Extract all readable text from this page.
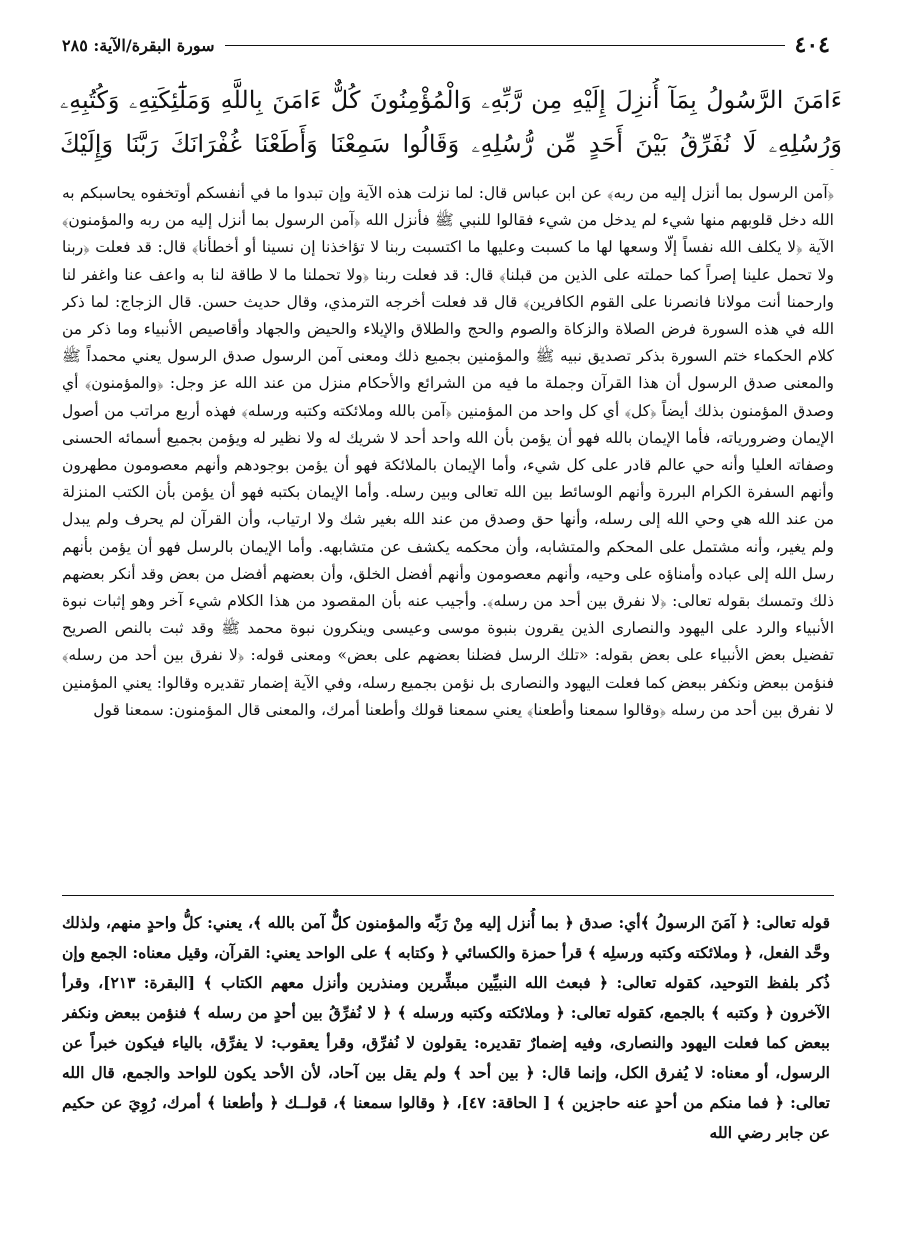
٤٠٤
سورة البقرة/الآية: ٢٨٥
ءَامَنَ الرَّسُولُ بِمَآ أُنزِلَ إِلَيْهِ مِن رَّبِّهِۦ وَالْمُؤْمِنُونَ كُلٌّ ءَامَنَ بِاللَّهِ وَمَلَٰٓئِكَتِهِۦ وَكُتُبِهِۦ وَرُسُلِهِۦ لَا نُفَرِّقُ بَيْنَ أَحَدٍ مِّن رُّسُلِهِۦ وَقَالُوا سَمِعْنَا وَأَطَعْنَا غُفْرَانَكَ رَبَّنَا وَإِلَيْكَ
﴿آمن الرسول بما أنزل إليه من ربه﴾ عن ابن عباس قال: لما نزلت هذه الآية وإن تبدوا ما في أنفسكم أوتخفوه يحاسبكم به الله دخل قلوبهم منها شيء لم يدخل من شيء فقالوا للنبي ﷺ فأنزل الله ﴿آمن الرسول بما أنزل إليه من ربه والمؤمنون﴾ الآية ﴿لا يكلف الله نفساً إلّا وسعها لها ما كسبت وعليها ما اكتسبت ربنا لا تؤاخذنا إن نسينا أو أخطأنا﴾ قال: قد فعلت ﴿ربنا ولا تحمل علينا إصراً كما حملته على الذين من قبلنا﴾ قال: قد فعلت ربنا ﴿ولا تحملنا ما لا طاقة لنا به واعف عنا واغفر لنا وارحمنا أنت مولانا فانصرنا على القوم الكافرين﴾ قال قد فعلت أخرجه الترمذي، وقال حديث حسن. قال الزجاج: لما ذكر الله في هذه السورة فرض الصلاة والزكاة والصوم والحج والطلاق والإيلاء والحيض والجهاد وأقاصيص الأنبياء وما ذكر من كلام الحكماء ختم السورة بذكر تصديق نبيه ﷺ والمؤمنين بجميع ذلك ومعنى آمن الرسول صدق الرسول يعني محمداً ﷺ والمعنى صدق الرسول أن هذا القرآن وجملة ما فيه من الشرائع والأحكام منزل من عند الله عز وجل: ﴿والمؤمنون﴾ أي وصدق المؤمنون بذلك أيضاً ﴿كل﴾ أي كل واحد من المؤمنين ﴿آمن بالله وملائكته وكتبه ورسله﴾ فهذه أربع مراتب من أصول الإيمان وضرورياته، فأما الإيمان بالله فهو أن يؤمن بأن الله واحد أحد لا شريك له ولا نظير له ويؤمن بجميع أسمائه الحسنى وصفاته العليا وأنه حي عالم قادر على كل شيء، وأما الإيمان بالملائكة فهو أن يؤمن بوجودهم وأنهم معصومون مطهرون وأنهم السفرة الكرام البررة وأنهم الوسائط بين الله تعالى وبين رسله. وأما الإيمان بكتبه فهو أن يؤمن بأن الكتب المنزلة من عند الله هي وحي الله إلى رسله، وأنها حق وصدق من عند الله بغير شك ولا ارتياب، وأن القرآن لم يحرف ولم يبدل ولم يغير، وأنه مشتمل على المحكم والمتشابه، وأن محكمه يكشف عن متشابهه. وأما الإيمان بالرسل فهو أن يؤمن بأنهم رسل الله إلى عباده وأمناؤه على وحيه، وأنهم معصومون وأنهم أفضل الخلق، وأن بعضهم أفضل من بعض وقد أنكر بعضهم ذلك وتمسك بقوله تعالى: ﴿لا نفرق بين أحد من رسله﴾. وأجيب عنه بأن المقصود من هذا الكلام شيء آخر وهو إثبات نبوة الأنبياء والرد على اليهود والنصارى الذين يقرون بنبوة موسى وعيسى وينكرون نبوة محمد ﷺ وقد ثبت بالنص الصريح تفضيل بعض الأنبياء على بعض بقوله: «تلك الرسل فضلنا بعضهم على بعض» ومعنى قوله: ﴿لا نفرق بين أحد من رسله﴾ فنؤمن ببعض ونكفر ببعض كما فعلت اليهود والنصارى بل نؤمن بجميع رسله، وفي الآية إضمار تقديره وقالوا: يعني المؤمنين لا نفرق بين أحد من رسله ﴿وقالوا سمعنا وأطعنا﴾ يعني سمعنا قولك وأطعنا أمرك، والمعنى قال المؤمنون: سمعنا قول
قوله تعالى: ﴿ آمَنَ الرسولُ ﴾أي: صدق ﴿ بما أُنزل إليه مِنْ رَبِّه والمؤمنون كلٌّ آمن بالله ﴾، يعني: كلُّ واحدٍ منهم، ولذلك وحَّد الفعل، ﴿ وملائكته وكتبه ورسلِه ﴾ قرأ حمزة والكسائي ﴿ وكتابه ﴾ على الواحد يعني: القرآن، وقيل معناه: الجمع وإن ذُكر بلفظ التوحيد، كقوله تعالى: ﴿ فبعث الله النبيِّين مبشِّرين ومنذرين وأنزل معهم الكتاب ﴾ [البقرة: ٢١٣]، وقرأ الآخرون ﴿ وكتبه ﴾ بالجمع، كقوله تعالى: ﴿ وملائكته وكتبه ورسله ﴾ ﴿ لا نُفرِّقُ بين أحدٍ من رسله ﴾ فنؤمن ببعض ونكفر ببعض كما فعلت اليهود والنصارى، وفيه إضمارٌ تقديره: يقولون لا نُفرِّق، وقرأ يعقوب: لا يفرِّق، بالياء فيكون خبراً عن الرسول، أو معناه: لا يُفرق الكل، وإنما قال: ﴿ بين أحد ﴾ ولم يقل بين آحاد، لأن الأحد يكون للواحد والجمع، قال الله تعالى: ﴿ فما منكم من أحدٍ عنه حاجزين ﴾ [ الحاقة: ٤٧]، ﴿ وقالوا سمعنا ﴾، قولــك ﴿ وأطعنا ﴾ أمرك، رُوِيَ عن حكيم عن جابر رضي الله
